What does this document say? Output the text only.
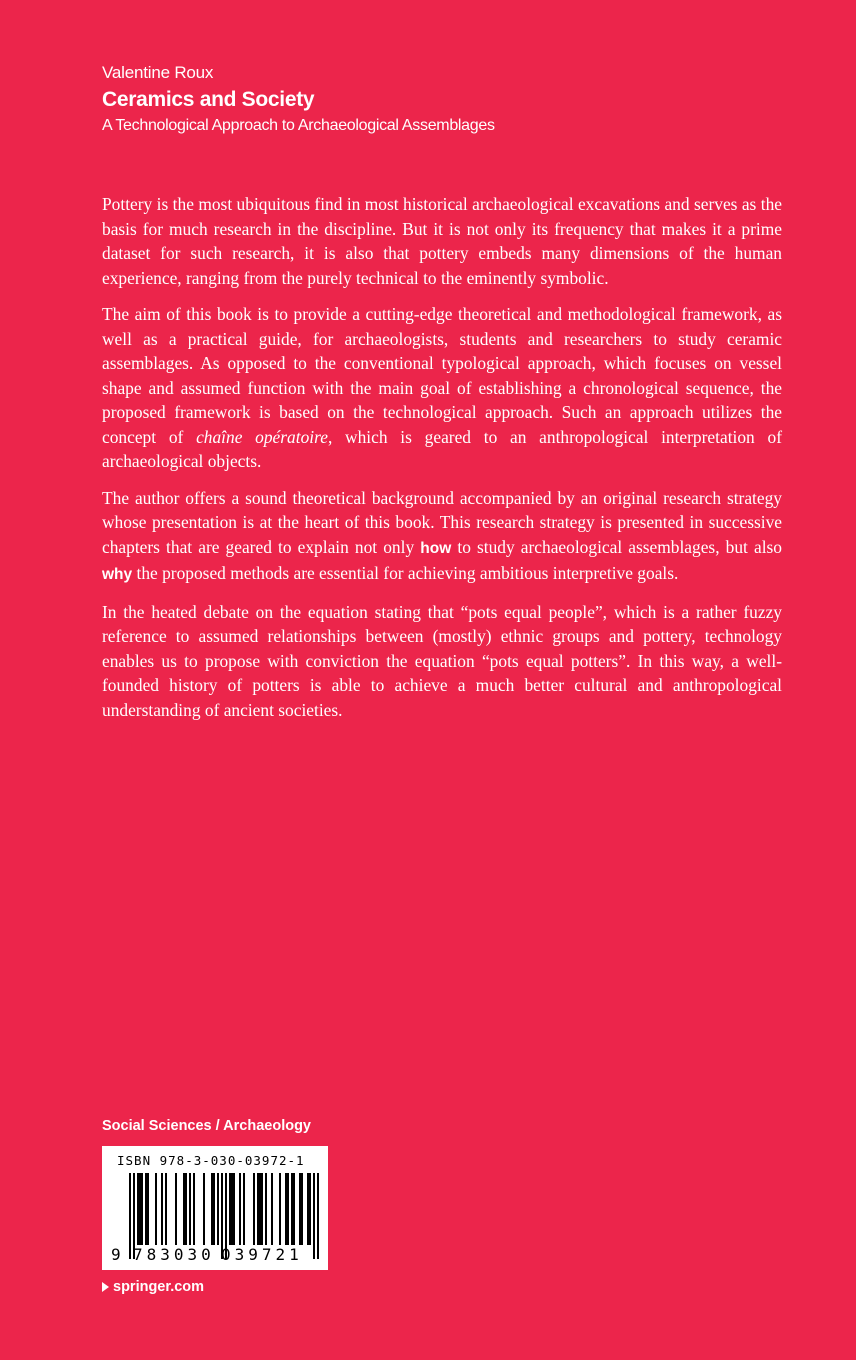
Valentine Roux
Ceramics and Society
A Technological Approach to Archaeological Assemblages

Pottery is the most ubiquitous find in most historical archaeological excavations and serves as the basis for much research in the discipline. But it is not only its frequency that makes it a prime dataset for such research, it is also that pottery embeds many dimensions of the human experience, ranging from the purely technical to the eminently symbolic.

The aim of this book is to provide a cutting-edge theoretical and methodological framework, as well as a practical guide, for archaeologists, students and researchers to study ceramic assemblages. As opposed to the conventional typological approach, which focuses on vessel shape and assumed function with the main goal of establishing a chronological sequence, the proposed framework is based on the technological approach. Such an approach utilizes the concept of chaîne opératoire, which is geared to an anthropological interpretation of archaeological objects.

The author offers a sound theoretical background accompanied by an original research strategy whose presentation is at the heart of this book. This research strategy is presented in successive chapters that are geared to explain not only how to study archaeological assemblages, but also why the proposed methods are essential for achieving ambitious interpretive goals.

In the heated debate on the equation stating that “pots equal people”, which is a rather fuzzy reference to assumed relationships between (mostly) ethnic groups and pottery, technology enables us to propose with conviction the equation “pots equal potters”. In this way, a well-founded history of potters is able to achieve a much better cultural and anthropological understanding of ancient societies.

Social Sciences / Archaeology
ISBN 978-3-030-03972-1
9 783030 039721
springer.com
